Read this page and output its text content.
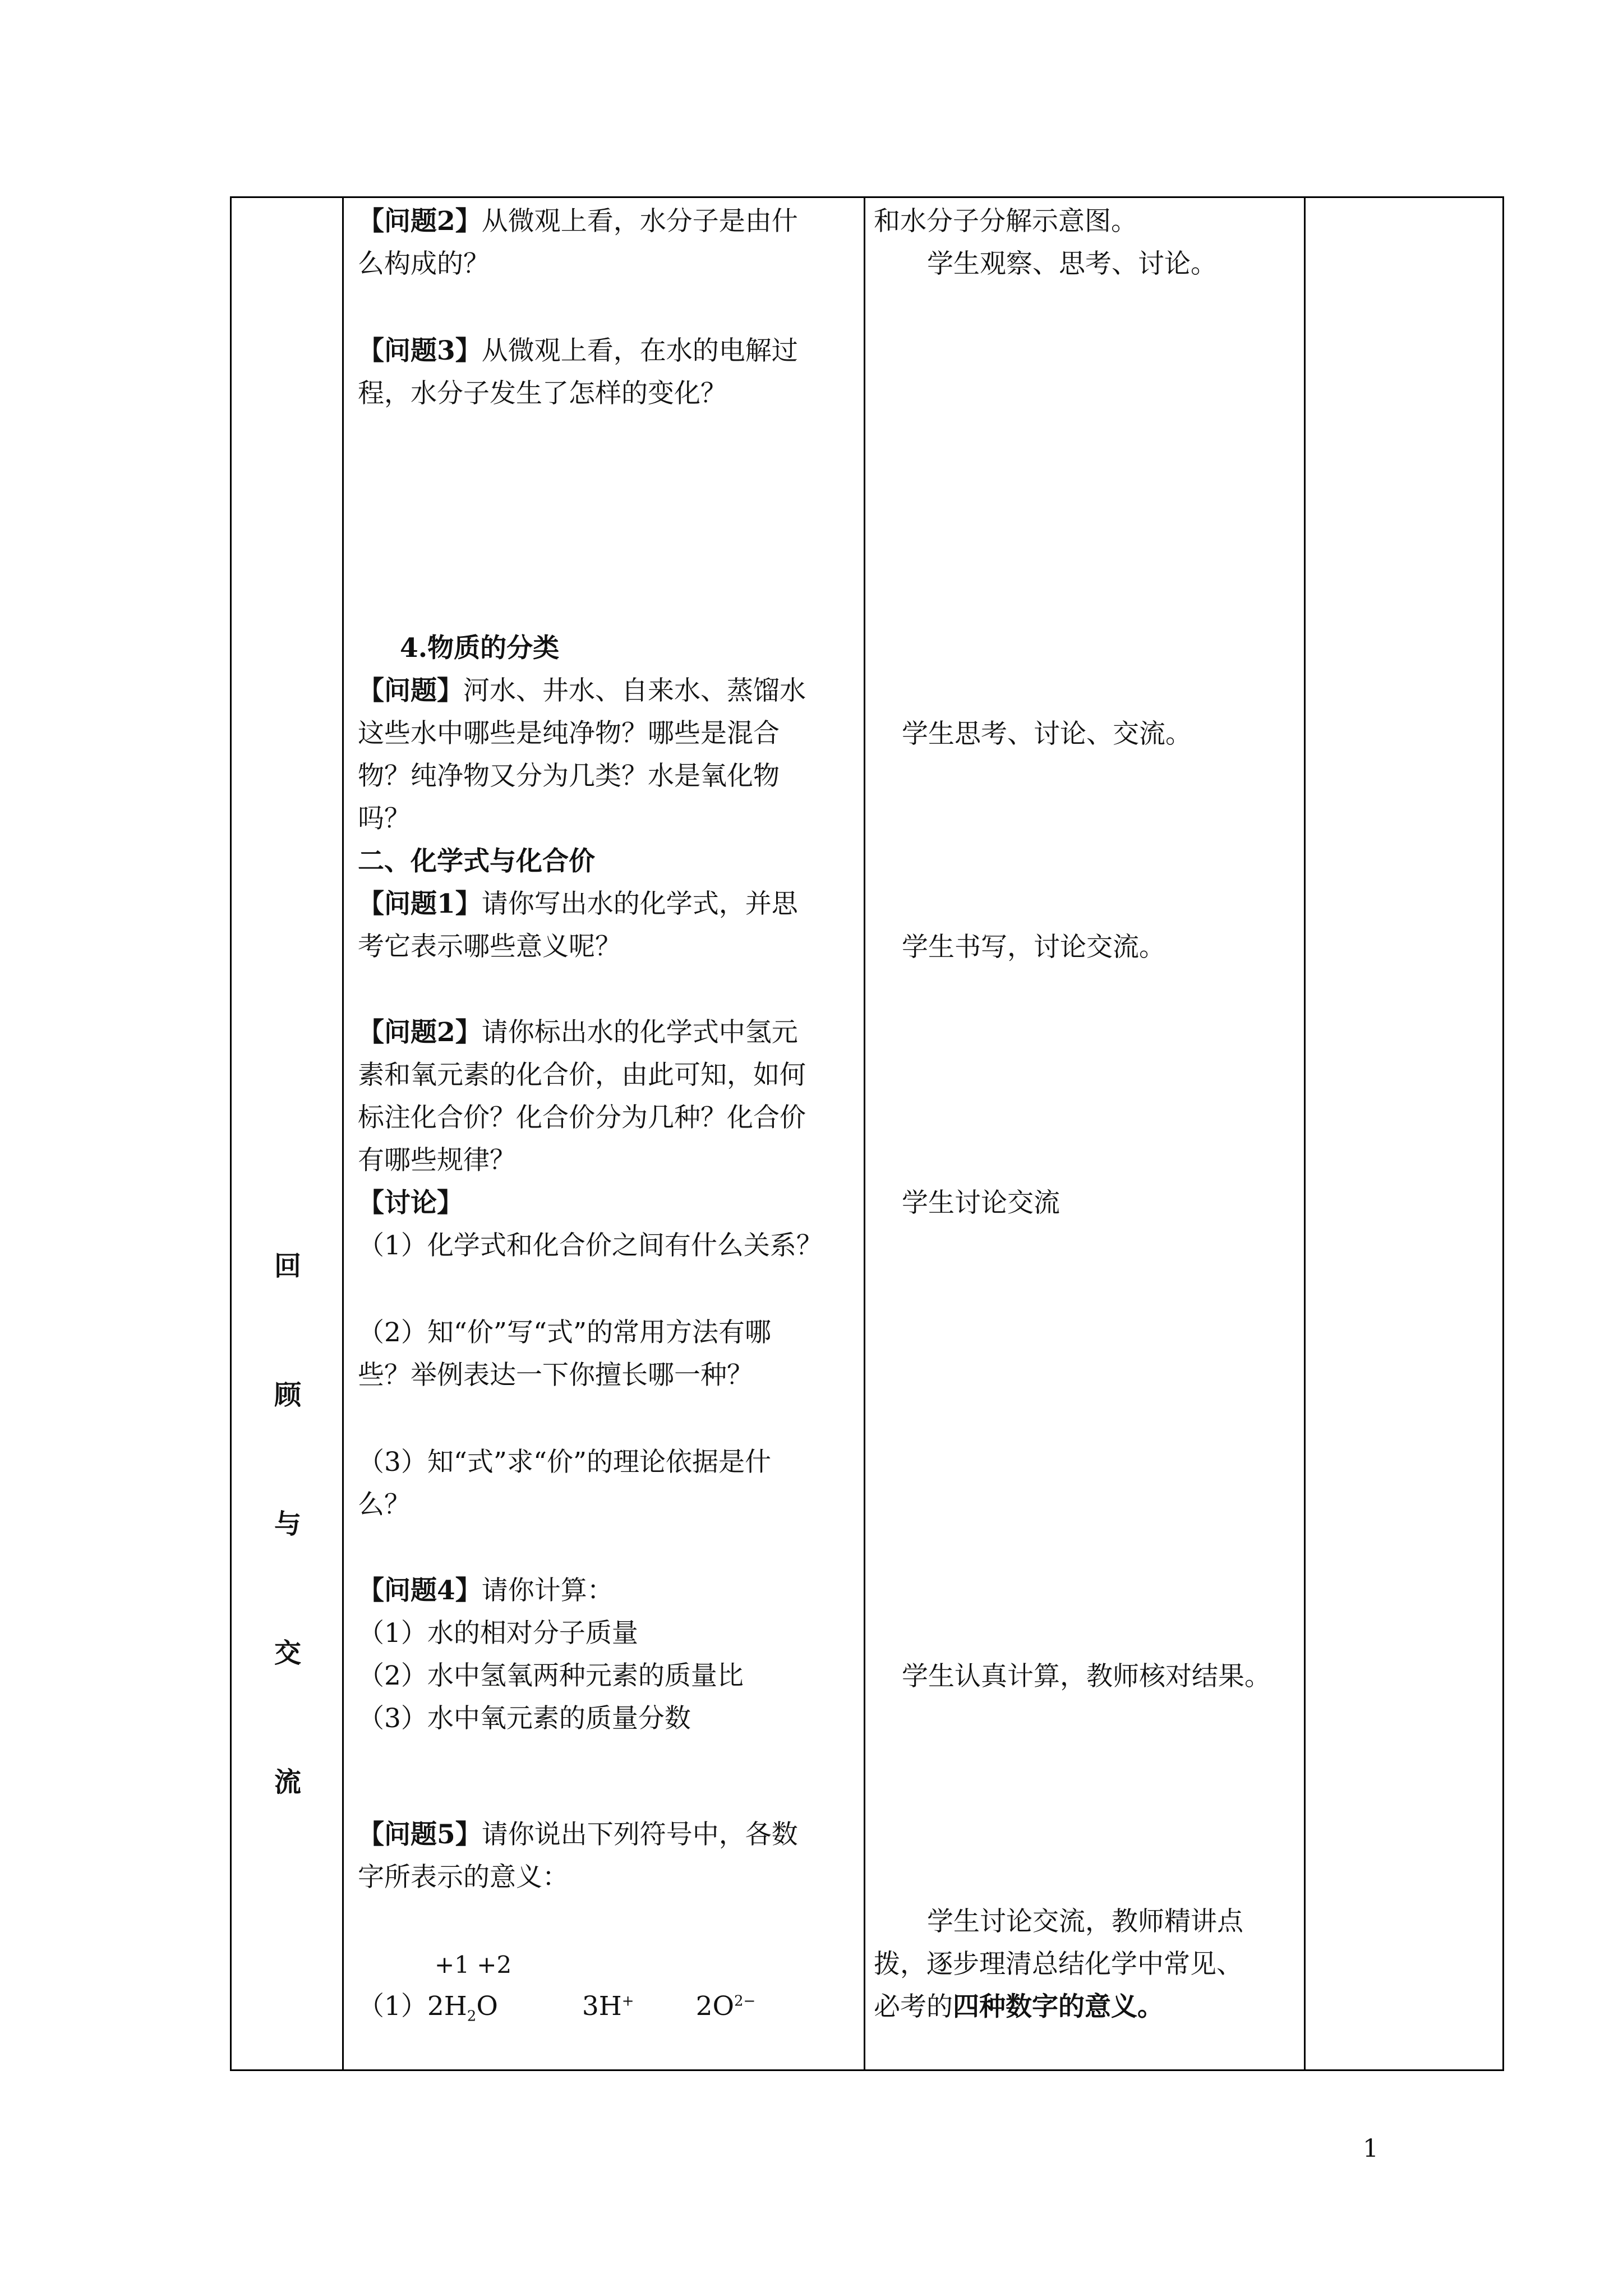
回
顾
与
交
流
【问题2】从微观上看，水分子是由什
么构成的？
【问题3】从微观上看，在水的电解过
程，水分子发生了怎样的变化？
4.物质的分类
【问题】河水、井水、自来水、蒸馏水
这些水中哪些是纯净物？哪些是混合
物？纯净物又分为几类？水是氧化物
吗？
二、化学式与化合价
【问题1】请你写出水的化学式，并思
考它表示哪些意义呢？
【问题2】请你标出水的化学式中氢元
素和氧元素的化合价，由此可知，如何
标注化合价？化合价分为几种？化合价
有哪些规律？
【讨论】
（1）化学式和化合价之间有什么关系？
（2）知“价”写“式”的常用方法有哪
些？举例表达一下你擅长哪一种？
（3）知“式”求“价”的理论依据是什
么？
【问题4】请你计算：
（1）水的相对分子质量
（2）水中氢氧两种元素的质量比
（3）水中氧元素的质量分数
【问题5】请你说出下列符号中，各数
字所表示的意义：
+1 +2
$(1)2H_2O$	3H+ $2O^{2-}$
和水分子分解示意图。
学生观察、思考、讨论。
学生思考、讨论、交流。
学生书写，讨论交流。
学生讨论交流
学生认真计算，教师核对结果。
学生讨论交流，教师精讲点
拨，逐步理清总结化学中常见、
必考的四种数字的意义。
1
